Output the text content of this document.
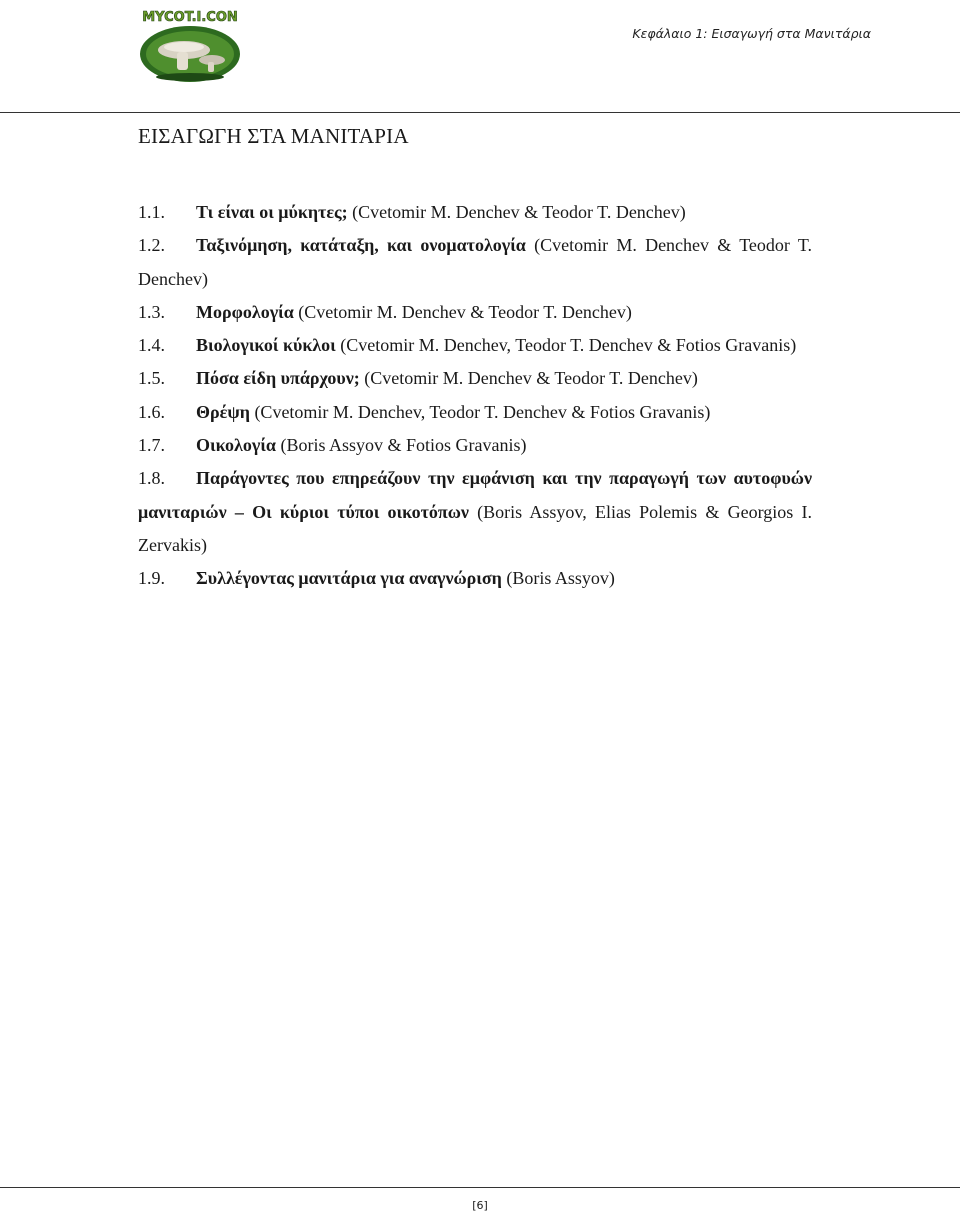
MYCOT.I.CON
Κεφάλαιο 1: Εισαγωγή στα Μανιτάρια
ΕΙΣΑΓΩΓΗ ΣΤΑ ΜΑΝΙΤΑΡΙΑ
1.1. Τι είναι οι μύκητες; (Cvetomir M. Denchev & Teodor T. Denchev)
1.2. Ταξινόμηση, κατάταξη, και ονοματολογία (Cvetomir M. Denchev & Teodor T. Denchev)
1.3. Μορφολογία (Cvetomir M. Denchev & Teodor T. Denchev)
1.4. Βιολογικοί κύκλοι (Cvetomir M. Denchev, Teodor T. Denchev & Fotios Gravanis)
1.5. Πόσα είδη υπάρχουν; (Cvetomir M. Denchev & Teodor T. Denchev)
1.6. Θρέψη (Cvetomir M. Denchev, Teodor T. Denchev & Fotios Gravanis)
1.7. Οικολογία (Boris Assyov & Fotios Gravanis)
1.8. Παράγοντες που επηρεάζουν την εμφάνιση και την παραγωγή των αυτοφυών μανιταριών – Οι κύριοι τύποι οικοτόπων (Boris Assyov, Elias Polemis & Georgios I. Zervakis)
1.9. Συλλέγοντας μανιτάρια για αναγνώριση (Boris Assyov)
[6]
